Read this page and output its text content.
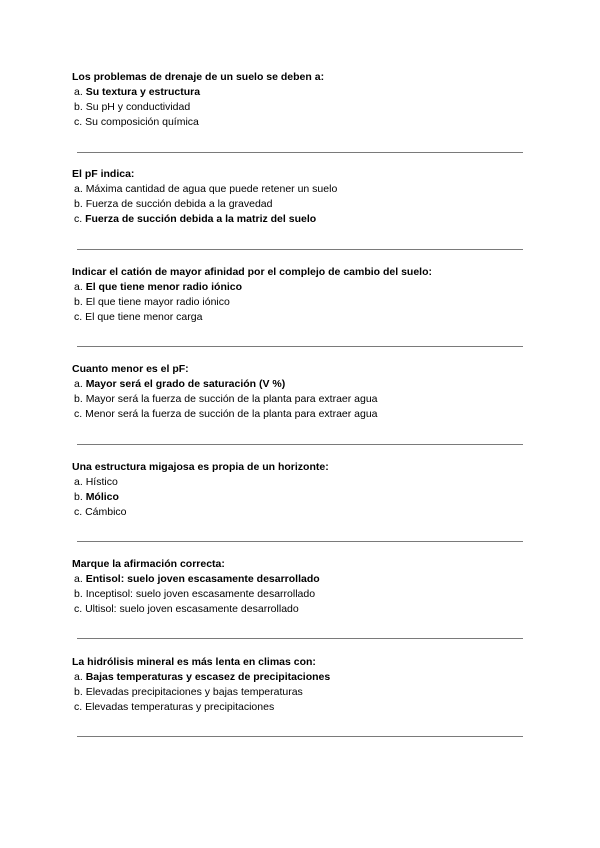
Los problemas de drenaje de un suelo se deben a:
a. Su textura y estructura
b. Su pH y conductividad
c. Su composición química
El pF indica:
a. Máxima cantidad de agua que puede retener un suelo
b. Fuerza de succión debida a la gravedad
c. Fuerza de succión debida a la matriz del suelo
Indicar el catión de mayor afinidad por el complejo de cambio del suelo:
a. El que tiene menor radio iónico
b. El que tiene mayor radio iónico
c. El que tiene menor carga
Cuanto menor es el pF:
a. Mayor será el grado de saturación (V %)
b. Mayor será la fuerza de succión de la planta para extraer agua
c. Menor será la fuerza de succión de la planta para extraer agua
Una estructura migajosa es propia de un horizonte:
a. Hístico
b. Mólico
c. Cámbico
Marque la afirmación correcta:
a. Entisol: suelo joven escasamente desarrollado
b. Inceptisol: suelo joven escasamente desarrollado
c. Ultisol: suelo joven escasamente desarrollado
La hidrólisis mineral es más lenta en climas con:
a. Bajas temperaturas y escasez de precipitaciones
b. Elevadas precipitaciones y bajas temperaturas
c. Elevadas temperaturas y precipitaciones
